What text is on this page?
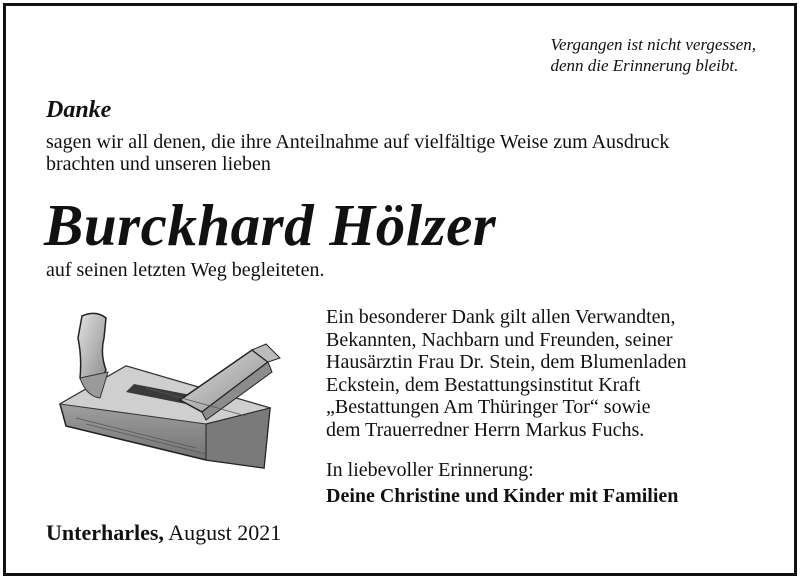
Vergangen ist nicht vergessen,
denn die Erinnerung bleibt.
Danke
sagen wir all denen, die ihre Anteilnahme auf vielfältige Weise zum Ausdruck
brachten und unseren lieben
Burckhard Hölzer
auf seinen letzten Weg begleiteten.
Ein besonderer Dank gilt allen Verwandten,
Bekannten, Nachbarn und Freunden, seiner
Hausärztin Frau Dr. Stein, dem Blumenladen
Eckstein, dem Bestattungsinstitut Kraft
„Bestattungen Am Thüringer Tor“ sowie
dem Trauerredner Herrn Markus Fuchs.
In liebevoller Erinnerung:
Deine Christine und Kinder mit Familien
Unterharles, August 2021
